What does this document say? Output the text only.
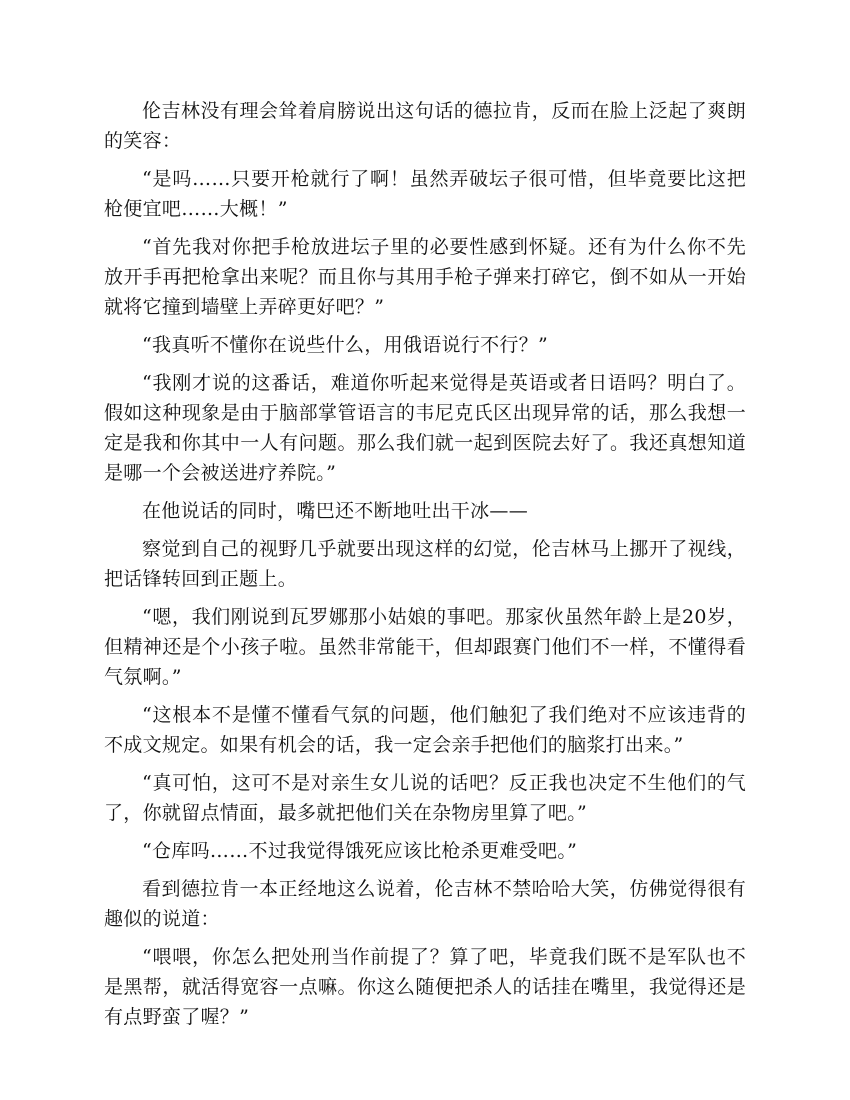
伦吉林没有理会耸着肩膀说出这句话的德拉肯，反而在脸上泛起了爽朗的笑容：

“是吗……只要开枪就行了啊！虽然弄破坛子很可惜，但毕竟要比这把枪便宜吧……大概！”

“首先我对你把手枪放进坛子里的必要性感到怀疑。还有为什么你不先放开手再把枪拿出来呢？而且你与其用手枪子弹来打碎它，倒不如从一开始就将它撞到墙壁上弄碎更好吧？”

“我真听不懂你在说些什么，用俄语说行不行？”

“我刚才说的这番话，难道你听起来觉得是英语或者日语吗？明白了。假如这种现象是由于脑部掌管语言的韦尼克氏区出现异常的话，那么我想一定是我和你其中一人有问题。那么我们就一起到医院去好了。我还真想知道是哪一个会被送进疗养院。”

在他说话的同时，嘴巴还不断地吐出干冰——

察觉到自己的视野几乎就要出现这样的幻觉，伦吉林马上挪开了视线，把话锋转回到正题上。

“嗯，我们刚说到瓦罗娜那小姑娘的事吧。那家伙虽然年龄上是20岁，但精神还是个小孩子啦。虽然非常能干，但却跟赛门他们不一样，不懂得看气氛啊。”

“这根本不是懂不懂看气氛的问题，他们触犯了我们绝对不应该违背的不成文规定。如果有机会的话，我一定会亲手把他们的脑浆打出来。”

“真可怕，这可不是对亲生女儿说的话吧？反正我也决定不生他们的气了，你就留点情面，最多就把他们关在杂物房里算了吧。”

“仓库吗……不过我觉得饿死应该比枪杀更难受吧。”

看到德拉肯一本正经地这么说着，伦吉林不禁哈哈大笑，仿佛觉得很有趣似的说道：

“喂喂，你怎么把处刑当作前提了？算了吧，毕竟我们既不是军队也不是黑帮，就活得宽容一点嘛。你这么随便把杀人的话挂在嘴里，我觉得还是有点野蛮了喔？”
